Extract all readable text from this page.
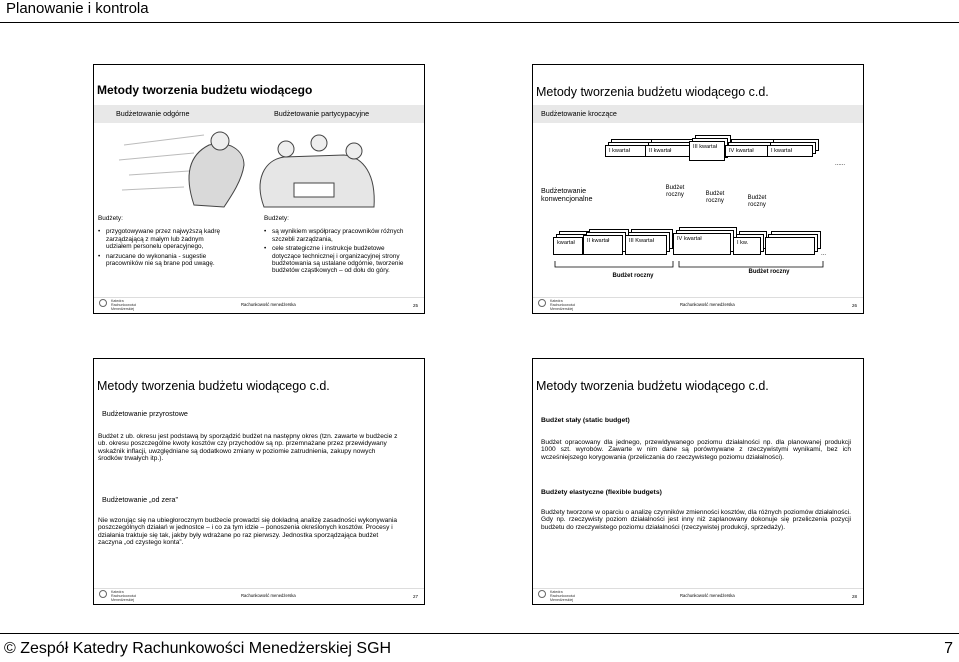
Planowanie i kontrola
Metody tworzenia budżetu wiodącego
Budżetowanie odgórne	Budżetowanie partycypacyjne
Budżety:
• przygotowywane przez najwyższą kadrę zarządzającą z małym lub żadnym udziałem personelu operacyjnego,
• narzucane do wykonania - sugestie pracowników nie są brane pod uwagę.
Budżety:
• są wynikiem współpracy pracowników różnych szczebli zarządzania,
• cele strategiczne i instrukcje budżetowe dotyczące technicznej i organizacyjnej strony budżetowania są ustalane odgórnie, tworzenie budżetów cząstkowych – od dołu do góry.
Katedra
Rachunkowości
Menedżerskiej
Rachunkowość menedżerska	25
Metody tworzenia budżetu wiodącego c.d.
Budżetowanie kroczące
I kwartał	II kwartał
III kwartał
IV kwartał	I kwartał
......
Budżetowanie konwencjonalne
Budżet roczny	Budżet roczny	Budżet roczny
kwartał	II kwartał	III Kwartał	IV kwartał
I kw.
...
Budżet roczny
Budżet roczny
Katedra
Rachunkowości
Menedżerskiej
Rachunkowość menedżerska	26
Metody tworzenia budżetu wiodącego c.d.
Budżetowanie przyrostowe
Budżet z ub. okresu jest podstawą by sporządzić budżet na następny okres (tzn. zawarte w budżecie z ub. okresu poszczególne kwoty kosztów czy przychodów są np. przemnażane przez przewidywany wskaźnik inflacji, uwzględniane są dodatkowo zmiany w poziomie zatrudnienia, zakupy nowych środków trwałych itp.).
Budżetowanie „od zera”
Nie wzorując się na ubiegłorocznym budżecie prowadzi się dokładną analizę zasadności wykonywania poszczególnych działań w jednostce – i co za tym idzie – ponoszenia określonych kosztów. Procesy i działania traktuje się tak, jakby były wdrażane po raz pierwszy. Jednostka sporządzająca budżet zaczyna „od czystego konta”.
Katedra
Rachunkowości
Menedżerskiej
Rachunkowość menedżerska	27
Metody tworzenia budżetu wiodącego c.d.
Budżet stały (static budget)
Budżet opracowany dla jednego, przewidywanego poziomu działalności np. dla planowanej produkcji 1000 szt. wyrobów. Zawarte w nim dane są porównywane z rzeczywistymi wynikami, bez ich wcześniejszego korygowania (przeliczania do rzeczywistego poziomu działalności).
Budżety elastyczne (flexible budgets)
Budżety tworzone w oparciu o analizę czynników zmienności kosztów, dla różnych poziomów działalności. Gdy np. rzeczywisty poziom działalności jest inny niż zaplanowany dokonuje się przeliczenia pozycji budżetu do rzeczywistego poziomu działalności (rzeczywistej produkcji, sprzedaży).
Katedra
Rachunkowości
Menedżerskiej
Rachunkowość menedżerska	28
© Zespół Katedry Rachunkowości Menedżerskiej SGH	7
